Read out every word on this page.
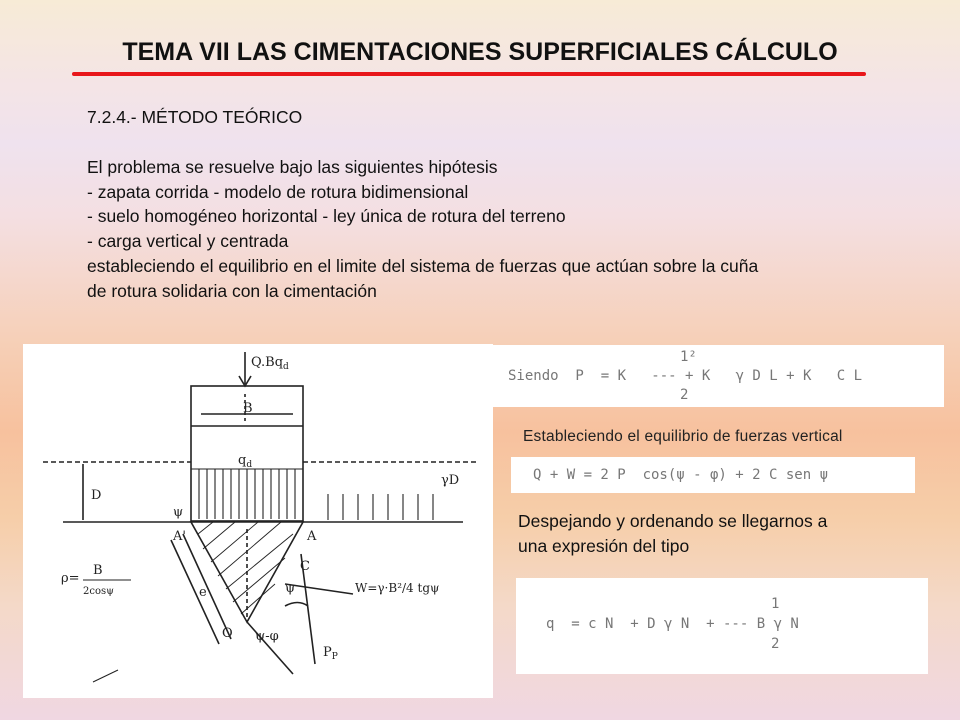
TEMA VII LAS CIMENTACIONES SUPERFICIALES CÁLCULO
7.2.4.- MÉTODO TEÓRICO
El problema se resuelve bajo las siguientes hipótesis
- zapata corrida - modelo de rotura bidimensional
- suelo homogéneo horizontal - ley única de rotura del terreno
- carga vertical y centrada
estableciendo el equilibrio en el limite del sistema de fuerzas que actúan sobre la cuña
de rotura solidaria con la cimentación
$Q.Bq_d$
B
$q_d$
γD
D
ψ
A'	A
C
O
e	ψ
ψ-φ
$P_P$
ρ=
B
2cosψ	W=γ·B²/4 tgψ
1²
Siendo  P  = K   --- + K   γ D L + K   C L
2
Estableciendo el equilibrio de fuerzas vertical
Q + W = 2 P  cos(ψ - φ) + 2 C sen ψ
Despejando y ordenando se llegarnos a
una expresión del tipo
1
q  = c N  + D γ N  + --- B γ N
2
